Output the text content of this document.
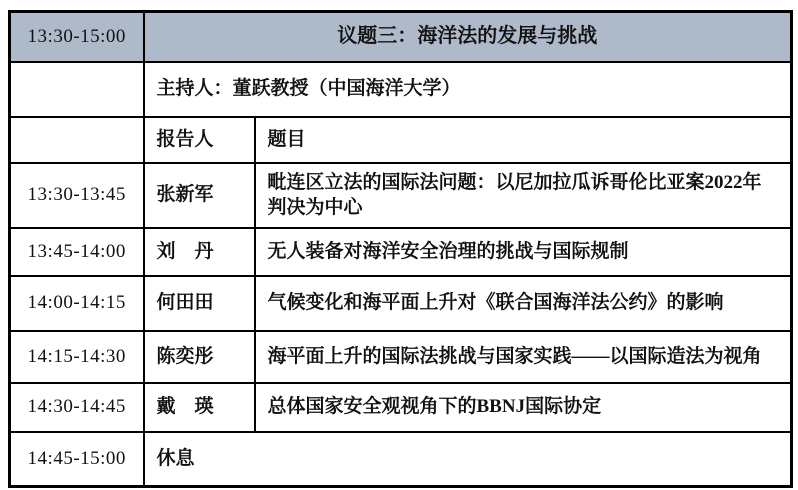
13:30-15:00	议题三：海洋法的发展与挑战	
	主持人：董跃教授（中国海洋大学）	
	报告人	题目
13:30-13:45	张新军	毗连区立法的国际法问题：以尼加拉瓜诉哥伦比亚案2022年判决为中心
13:45-14:00	刘　丹	无人装备对海洋安全治理的挑战与国际规制
14:00-14:15	何田田	气候变化和海平面上升对《联合国海洋法公约》的影响
14:15-14:30	陈奕彤	海平面上升的国际法挑战与国家实践——以国际造法为视角
14:30-14:45	戴　瑛	总体国家安全观视角下的BBNJ国际协定
14:45-15:00	休息	
